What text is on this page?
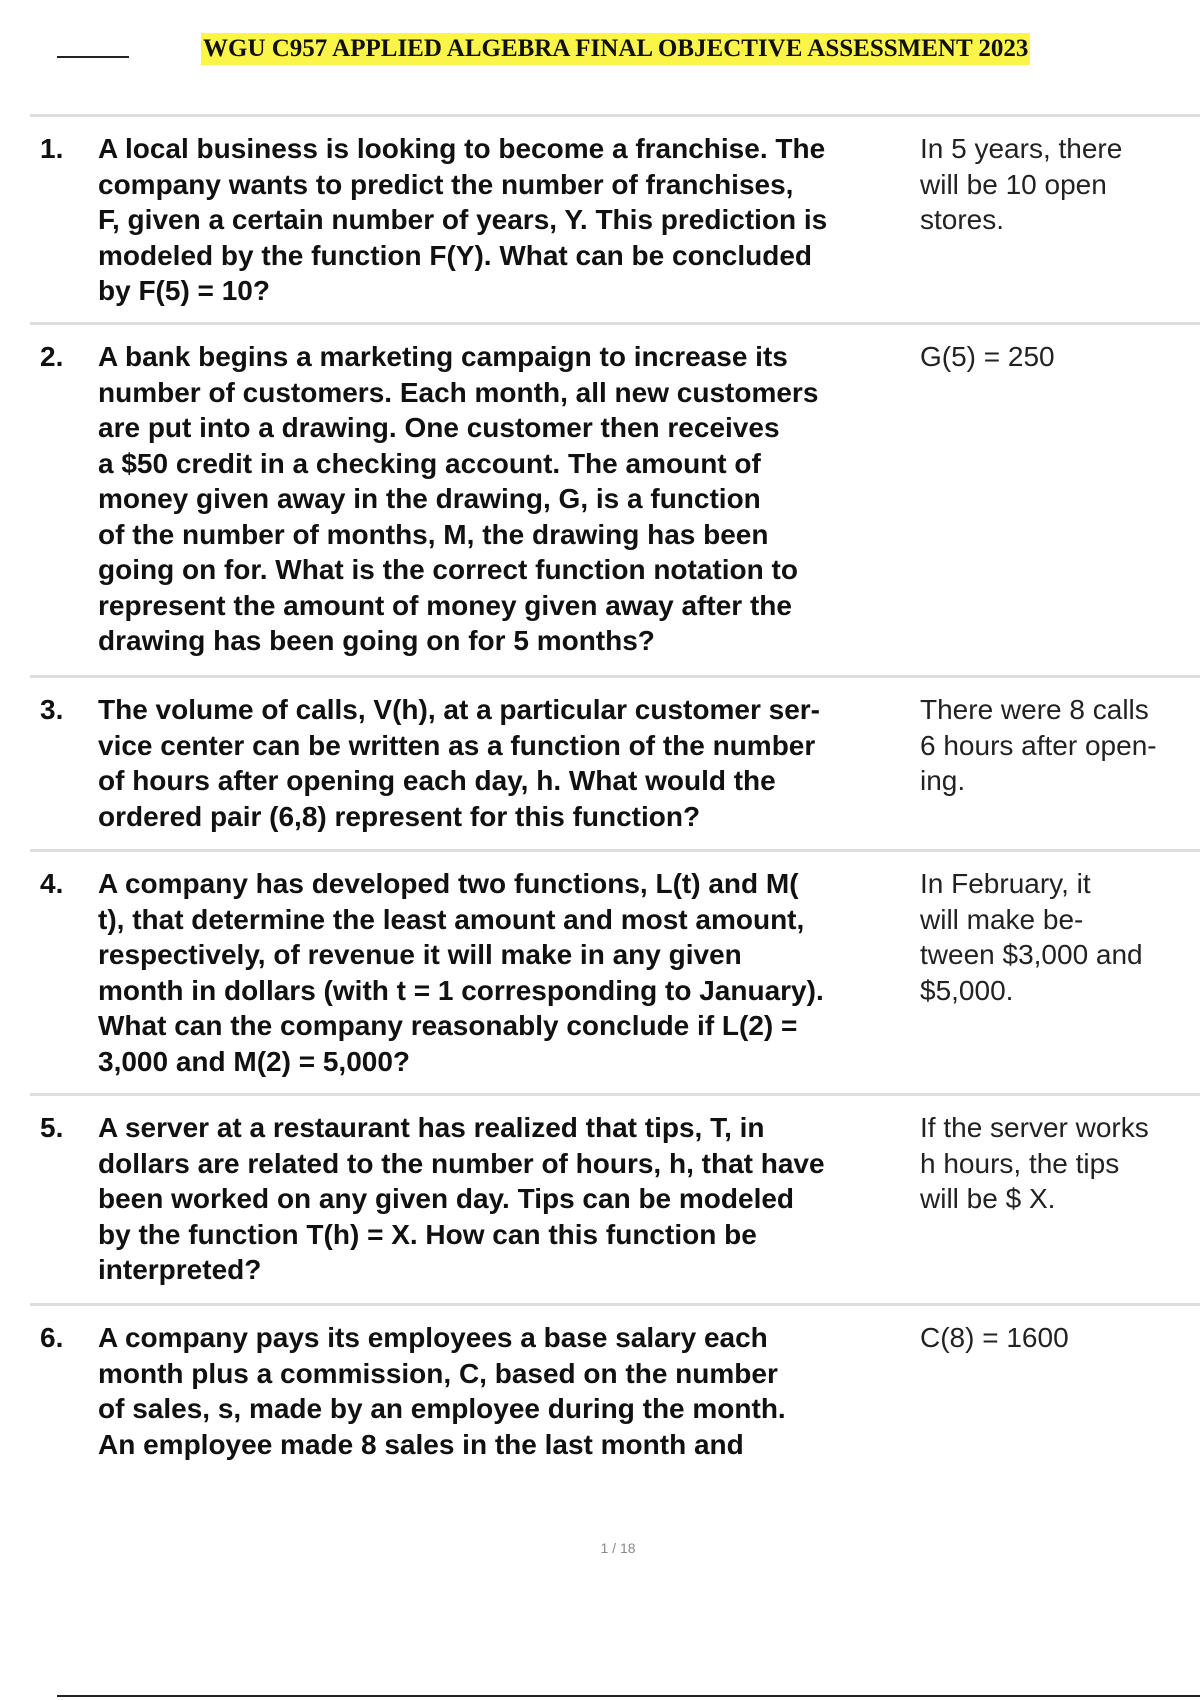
WGU C957 APPLIED ALGEBRA FINAL OBJECTIVE ASSESSMENT 2023
1. A local business is looking to become a franchise. The
company wants to predict the number of franchises,
F, given a certain number of years, Y. This prediction is
modeled by the function F(Y). What can be concluded
by F(5) = 10?
In 5 years, there
will be 10 open
stores.
2. A bank begins a marketing campaign to increase its
number of customers. Each month, all new customers
are put into a drawing. One customer then receives
a $50 credit in a checking account. The amount of
money given away in the drawing, G, is a function
of the number of months, M, the drawing has been
going on for. What is the correct function notation to
represent the amount of money given away after the
drawing has been going on for 5 months?
G(5) = 250
3. The volume of calls, V(h), at a particular customer ser-
vice center can be written as a function of the number
of hours after opening each day, h. What would the
ordered pair (6,8) represent for this function?
There were 8 calls
6 hours after open-
ing.
4. A company has developed two functions, L(t) and M(
t), that determine the least amount and most amount,
respectively, of revenue it will make in any given
month in dollars (with t = 1 corresponding to January).
What can the company reasonably conclude if L(2) =
3,000 and M(2) = 5,000?
In February, it
will make be-
tween $3,000 and
$5,000.
5. A server at a restaurant has realized that tips, T, in
dollars are related to the number of hours, h, that have
been worked on any given day. Tips can be modeled
by the function T(h) = X. How can this function be
interpreted?
If the server works
h hours, the tips
will be $ X.
6. A company pays its employees a base salary each
month plus a commission, C, based on the number
of sales, s, made by an employee during the month.
An employee made 8 sales in the last month and
C(8) = 1600
1 / 18
